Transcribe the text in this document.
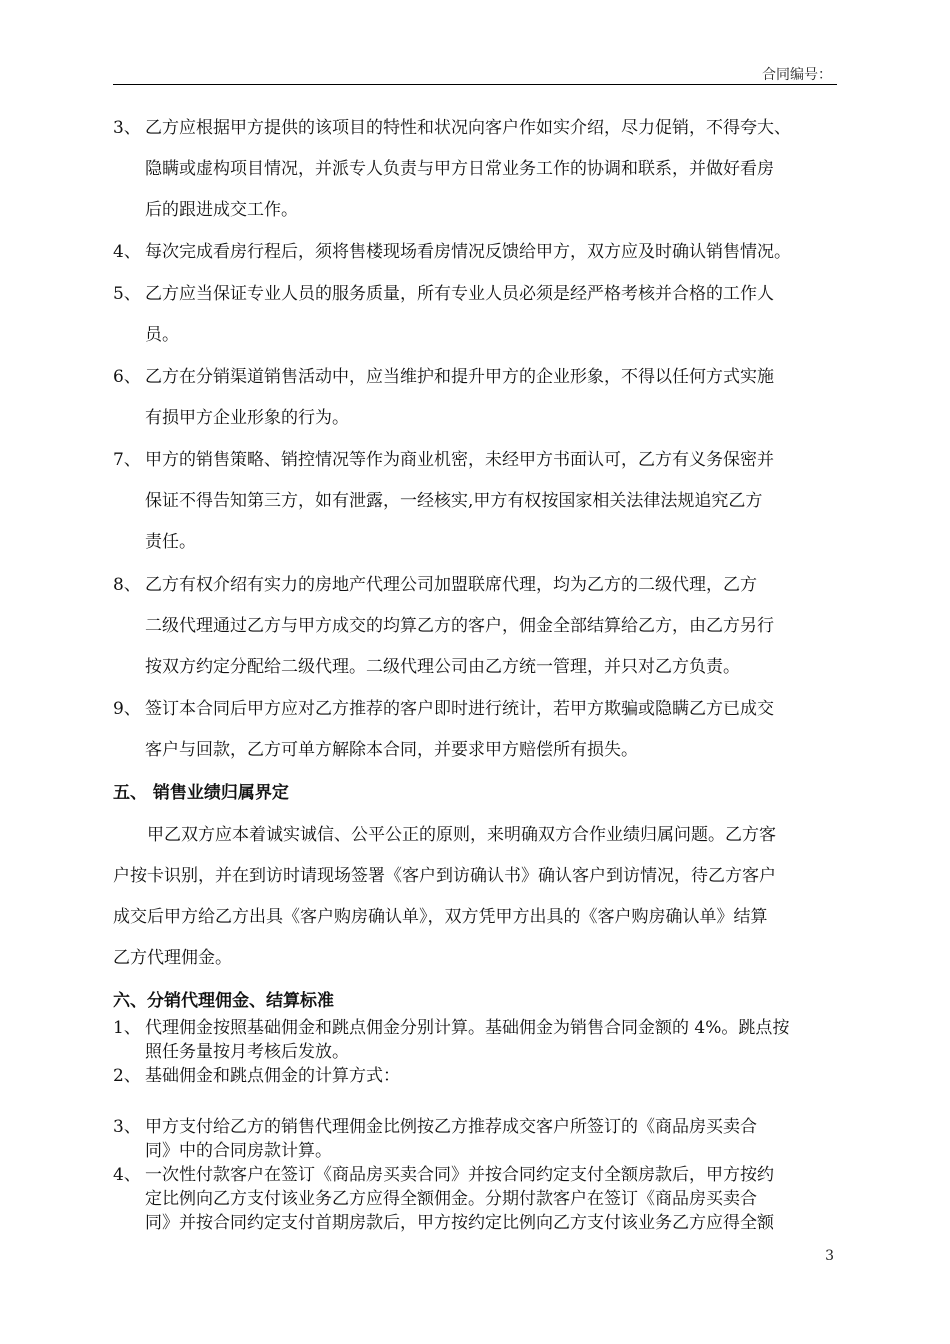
合同编号：
3、 乙方应根据甲方提供的该项目的特性和状况向客户作如实介绍，尽力促销，不得夸大、
隐瞒或虚构项目情况，并派专人负责与甲方日常业务工作的协调和联系，并做好看房
后的跟进成交工作。
4、 每次完成看房行程后，须将售楼现场看房情况反馈给甲方，双方应及时确认销售情况。
5、 乙方应当保证专业人员的服务质量，所有专业人员必须是经严格考核并合格的工作人
员。
6、 乙方在分销渠道销售活动中，应当维护和提升甲方的企业形象，不得以任何方式实施
有损甲方企业形象的行为。
7、 甲方的销售策略、销控情况等作为商业机密，未经甲方书面认可，乙方有义务保密并
保证不得告知第三方，如有泄露，一经核实,甲方有权按国家相关法律法规追究乙方
责任。
8、 乙方有权介绍有实力的房地产代理公司加盟联席代理，均为乙方的二级代理，乙方
二级代理通过乙方与甲方成交的均算乙方的客户，佣金全部结算给乙方，由乙方另行
按双方约定分配给二级代理。二级代理公司由乙方统一管理，并只对乙方负责。
9、 签订本合同后甲方应对乙方推荐的客户即时进行统计，若甲方欺骗或隐瞒乙方已成交
客户与回款，乙方可单方解除本合同，并要求甲方赔偿所有损失。
五、 销售业绩归属界定
甲乙双方应本着诚实诚信、公平公正的原则，来明确双方合作业绩归属问题。乙方客
户按卡识别，并在到访时请现场签署《客户到访确认书》确认客户到访情况，待乙方客户
成交后甲方给乙方出具《客户购房确认单》，双方凭甲方出具的《客户购房确认单》结算
乙方代理佣金。
六、分销代理佣金、结算标准
1、 代理佣金按照基础佣金和跳点佣金分别计算。基础佣金为销售合同金额的 4%。跳点按
照任务量按月考核后发放。
2、 基础佣金和跳点佣金的计算方式：
3、 甲方支付给乙方的销售代理佣金比例按乙方推荐成交客户所签订的《商品房买卖合
同》中的合同房款计算。
4、 一次性付款客户在签订《商品房买卖合同》并按合同约定支付全额房款后，甲方按约
定比例向乙方支付该业务乙方应得全额佣金。分期付款客户在签订《商品房买卖合
同》并按合同约定支付首期房款后，甲方按约定比例向乙方支付该业务乙方应得全额
3
